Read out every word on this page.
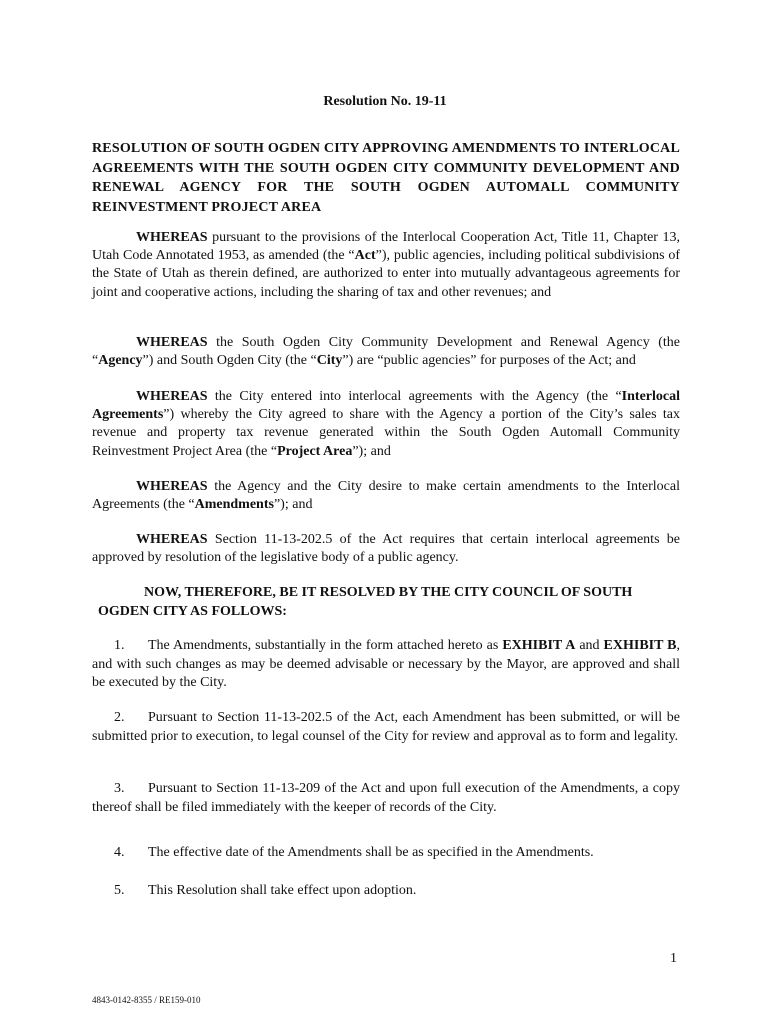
Resolution No. 19-11
RESOLUTION OF SOUTH OGDEN CITY APPROVING AMENDMENTS TO INTERLOCAL AGREEMENTS WITH THE SOUTH OGDEN CITY COMMUNITY DEVELOPMENT AND RENEWAL AGENCY FOR THE SOUTH OGDEN AUTOMALL COMMUNITY REINVESTMENT PROJECT AREA
WHEREAS pursuant to the provisions of the Interlocal Cooperation Act, Title 11, Chapter 13, Utah Code Annotated 1953, as amended (the “Act”), public agencies, including political subdivisions of the State of Utah as therein defined, are authorized to enter into mutually advantageous agreements for joint and cooperative actions, including the sharing of tax and other revenues; and
WHEREAS the South Ogden City Community Development and Renewal Agency (the “Agency”) and South Ogden City (the “City”) are “public agencies” for purposes of the Act; and
WHEREAS the City entered into interlocal agreements with the Agency (the “Interlocal Agreements”) whereby the City agreed to share with the Agency a portion of the City’s sales tax revenue and property tax revenue generated within the South Ogden Automall Community Reinvestment Project Area (the “Project Area”); and
WHEREAS the Agency and the City desire to make certain amendments to the Interlocal Agreements (the “Amendments”); and
WHEREAS Section 11-13-202.5 of the Act requires that certain interlocal agreements be approved by resolution of the legislative body of a public agency.
NOW, THEREFORE, BE IT RESOLVED BY THE CITY COUNCIL OF SOUTH OGDEN CITY AS FOLLOWS:
1. The Amendments, substantially in the form attached hereto as EXHIBIT A and EXHIBIT B, and with such changes as may be deemed advisable or necessary by the Mayor, are approved and shall be executed by the City.
2. Pursuant to Section 11-13-202.5 of the Act, each Amendment has been submitted, or will be submitted prior to execution, to legal counsel of the City for review and approval as to form and legality.
3. Pursuant to Section 11-13-209 of the Act and upon full execution of the Amendments, a copy thereof shall be filed immediately with the keeper of records of the City.
4. The effective date of the Amendments shall be as specified in the Amendments.
5. This Resolution shall take effect upon adoption.
1
4843-0142-8355 / RE159-010
